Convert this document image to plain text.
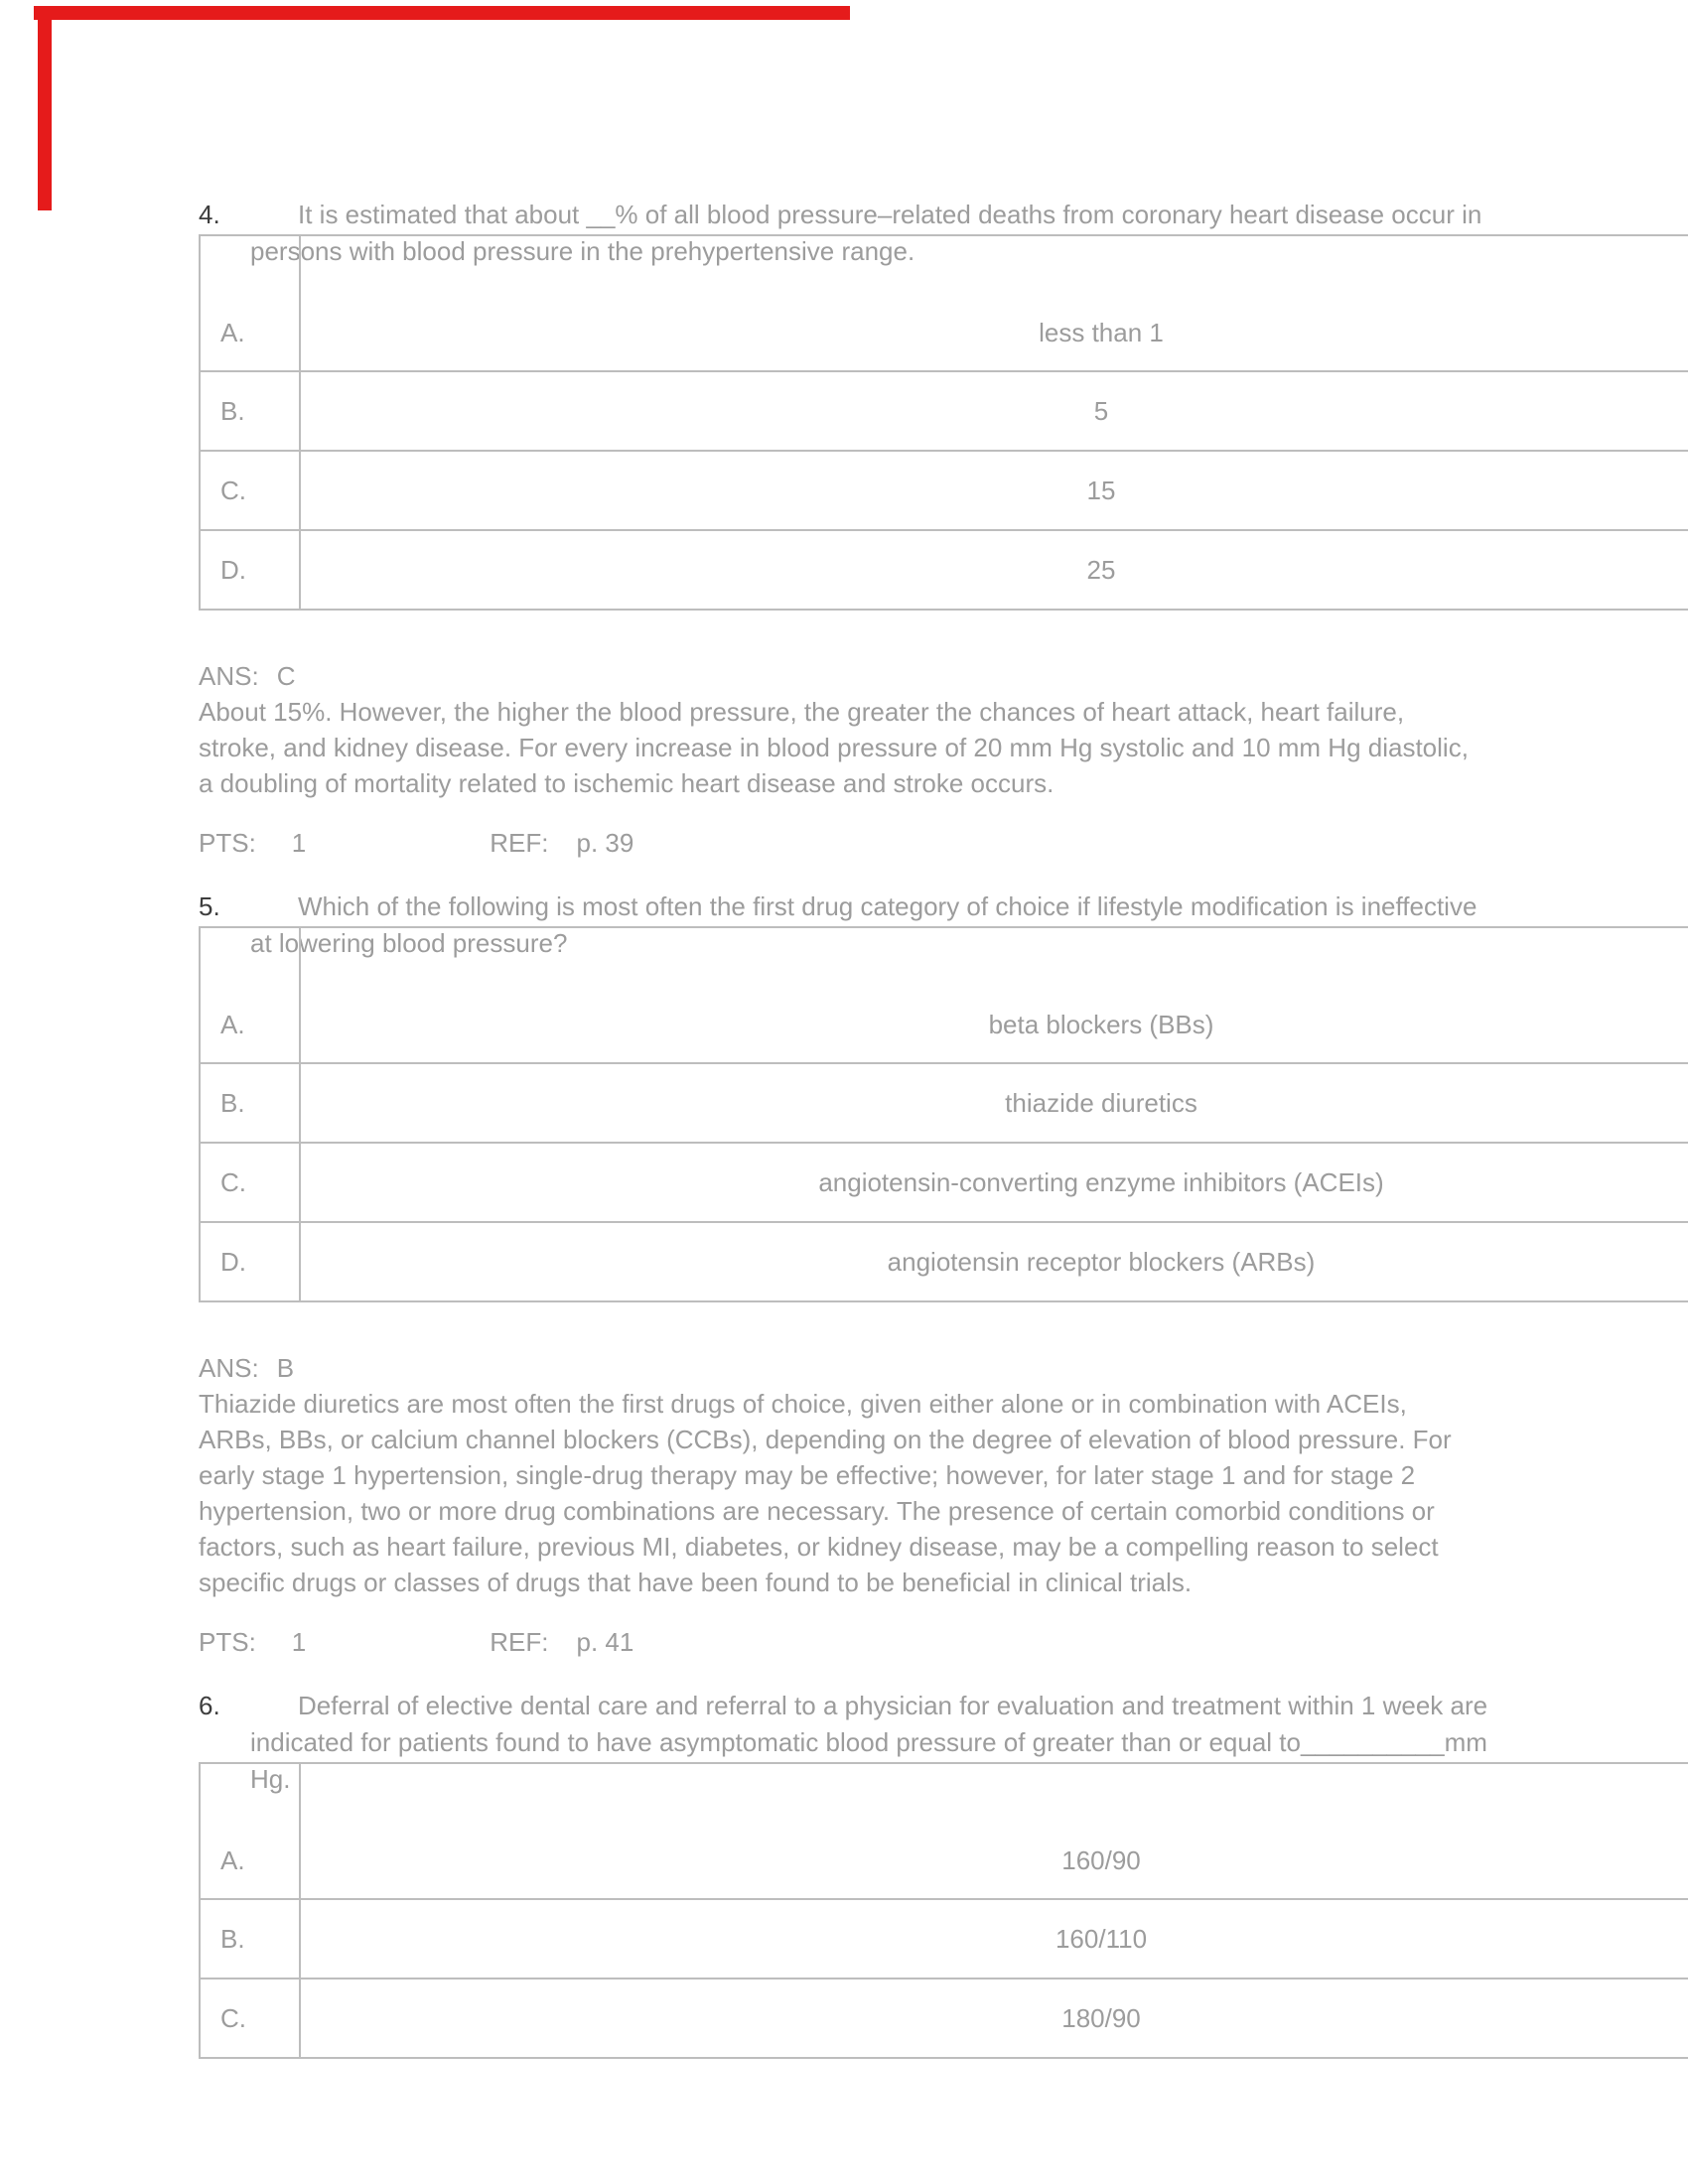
4.	It is estimated that about __% of all blood pressure–related deaths from coronary heart disease occur in persons with blood pressure in the prehypertensive range.
A.	less than 1
B.	5
C.	15
D.	25
ANS: C

About 15%. However, the higher the blood pressure, the greater the chances of heart attack, heart failure, stroke, and kidney disease. For every increase in blood pressure of 20 mm Hg systolic and 10 mm Hg diastolic, a doubling of mortality related to ischemic heart disease and stroke occurs.

PTS: 1	REF: p. 39
5.	Which of the following is most often the first drug category of choice if lifestyle modification is ineffective at lowering blood pressure?
A.	beta blockers (BBs)
B.	thiazide diuretics
C.	angiotensin-converting enzyme inhibitors (ACEIs)
D.	angiotensin receptor blockers (ARBs)
ANS: B

Thiazide diuretics are most often the first drugs of choice, given either alone or in combination with ACEIs, ARBs, BBs, or calcium channel blockers (CCBs), depending on the degree of elevation of blood pressure. For early stage 1 hypertension, single-drug therapy may be effective; however, for later stage 1 and for stage 2 hypertension, two or more drug combinations are necessary. The presence of certain comorbid conditions or factors, such as heart failure, previous MI, diabetes, or kidney disease, may be a compelling reason to select specific drugs or classes of drugs that have been found to be beneficial in clinical trials.

PTS: 1	REF: p. 41
6.	Deferral of elective dental care and referral to a physician for evaluation and treatment within 1 week are indicated for patients found to have asymptomatic blood pressure of greater than or equal to__________mm Hg.
A.	160/90
B.	160/110
C.	180/90
